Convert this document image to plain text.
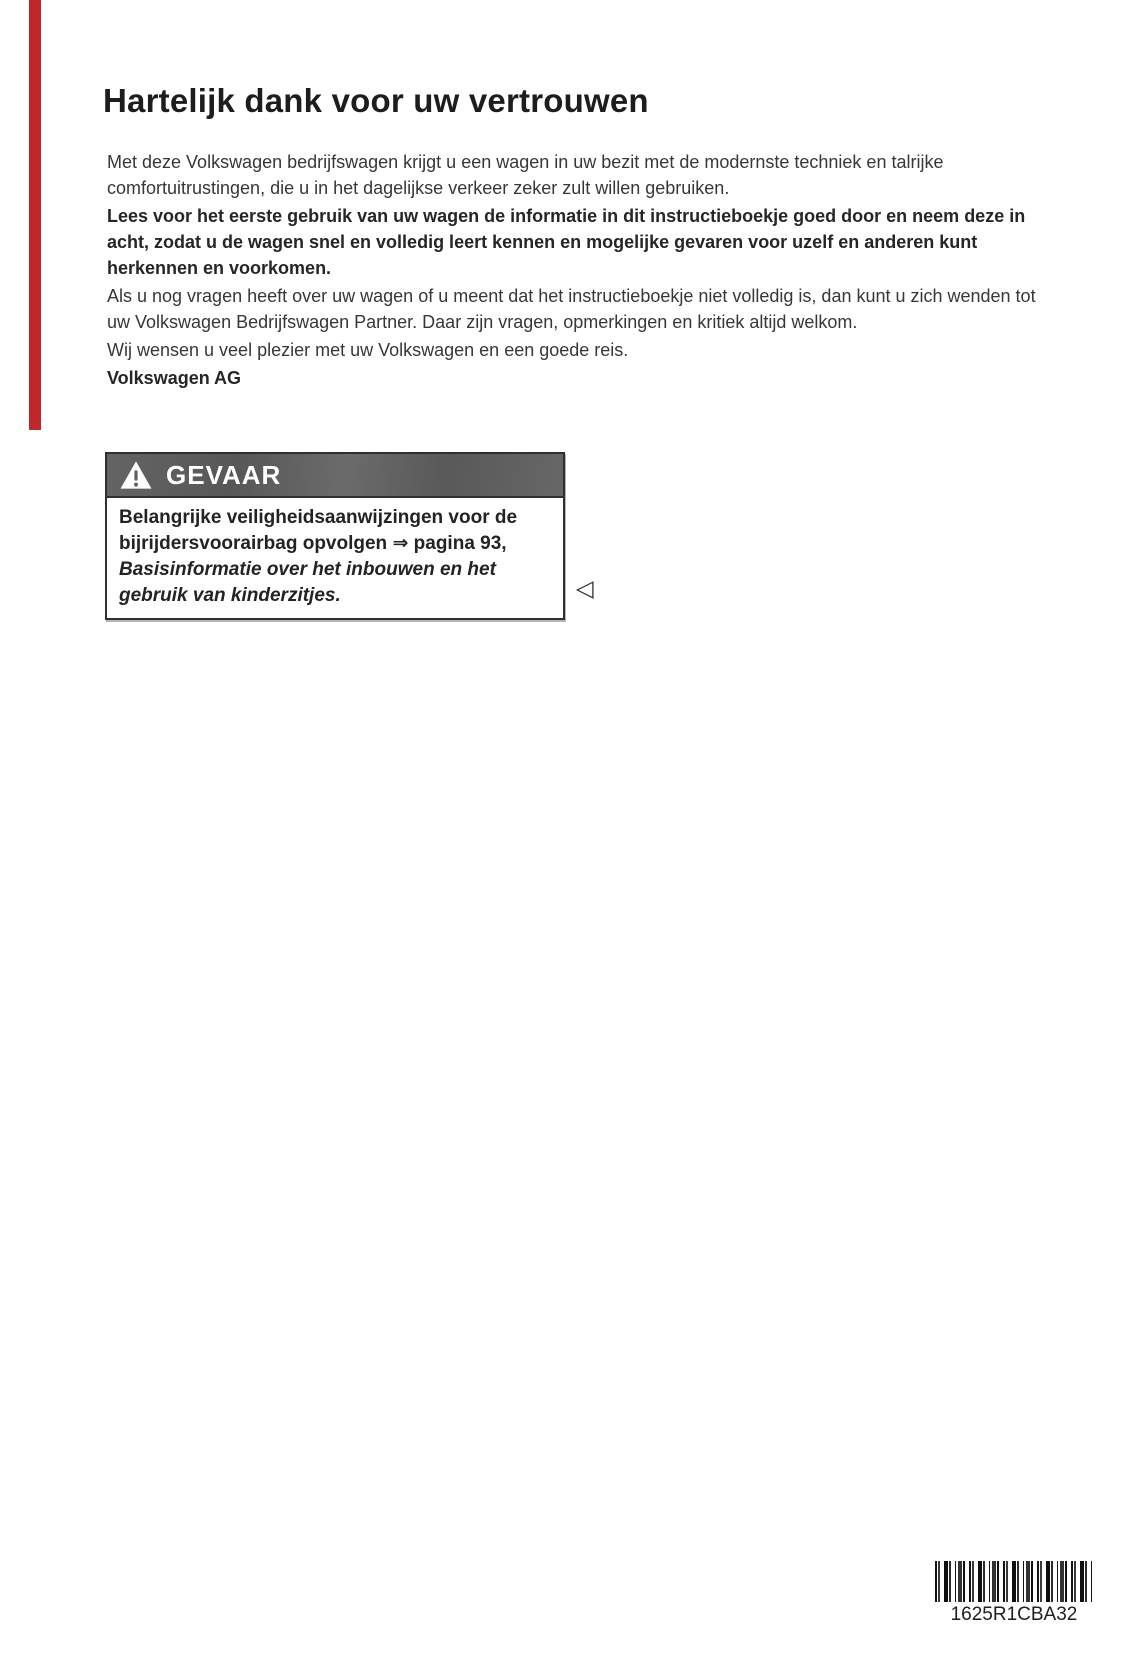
Hartelijk dank voor uw vertrouwen

Met deze Volkswagen bedrijfswagen krijgt u een wagen in uw bezit met de modernste techniek en talrijke comfortuitrustingen, die u in het dagelijkse verkeer zeker zult willen gebruiken.

Lees voor het eerste gebruik van uw wagen de informatie in dit instructieboekje goed door en neem deze in acht, zodat u de wagen snel en volledig leert kennen en mogelijke gevaren voor uzelf en anderen kunt herkennen en voorkomen.

Als u nog vragen heeft over uw wagen of u meent dat het instructieboekje niet volledig is, dan kunt u zich wenden tot uw Volkswagen Bedrijfswagen Partner. Daar zijn vragen, opmerkingen en kritiek altijd welkom.

Wij wensen u veel plezier met uw Volkswagen en een goede reis.

Volkswagen AG

GEVAAR
Belangrijke veiligheidsaanwijzingen voor de bijrijdersvoorairbag opvolgen ⇒ pagina 93, Basisinformatie over het inbouwen en het gebruik van kinderzitjes.	◁
1625R1CBA32
